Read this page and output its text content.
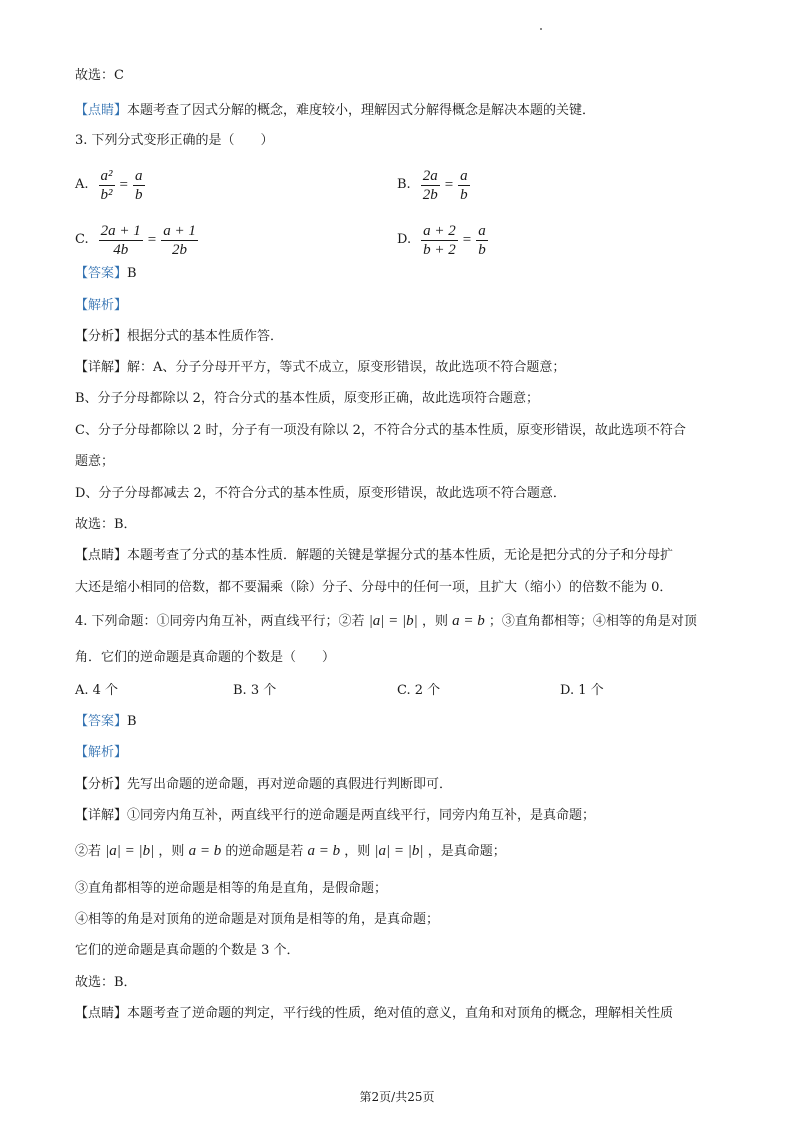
故选：C
【点睛】本题考查了因式分解的概念，难度较小，理解因式分解得概念是解决本题的关键．
3. 下列分式变形正确的是（　　）
A. $\frac{\text{a²}}{\text{b²}} = \frac{a}{b}$	B. $\frac{2a}{2b} = \frac{a}{b}$
C. $\frac{2a + 1}{4b} = \frac{a + 1}{2b}$	D. $\frac{a + 2}{b + 2} = \frac{a}{b}$
【答案】B
【解析】
【分析】根据分式的基本性质作答．
【详解】解：A、分子分母开平方，等式不成立，原变形错误，故此选项不符合题意；
B、分子分母都除以 2，符合分式的基本性质，原变形正确，故此选项符合题意；
C、分子分母都除以 2 时，分子有一项没有除以 2，不符合分式的基本性质，原变形错误，故此选项不符合
题意；
D、分子分母都减去 2，不符合分式的基本性质，原变形错误，故此选项不符合题意．
故选：B．
【点睛】本题考查了分式的基本性质．解题的关键是掌握分式的基本性质，无论是把分式的分子和分母扩
大还是缩小相同的倍数，都不要漏乘（除）分子、分母中的任何一项，且扩大（缩小）的倍数不能为 0．
4. 下列命题：①同旁内角互补，两直线平行；②若 |a| = |b| ，则 a = b ；③直角都相等；④相等的角是对顶
角．它们的逆命题是真命题的个数是（　　）
A. 4 个	B. 3 个	C. 2 个	D. 1 个
【答案】B
【解析】
【分析】先写出命题的逆命题，再对逆命题的真假进行判断即可．
【详解】①同旁内角互补，两直线平行的逆命题是两直线平行，同旁内角互补，是真命题；
②若 |a| = |b| ，则 a = b 的逆命题是若 a = b ，则 |a| = |b| ，是真命题；
③直角都相等的逆命题是相等的角是直角，是假命题；
④相等的角是对顶角的逆命题是对顶角是相等的角，是真命题；
它们的逆命题是真命题的个数是 3 个．
故选：B．
【点睛】本题考查了逆命题的判定，平行线的性质，绝对值的意义，直角和对顶角的概念，理解相关性质
第2页/共25页
